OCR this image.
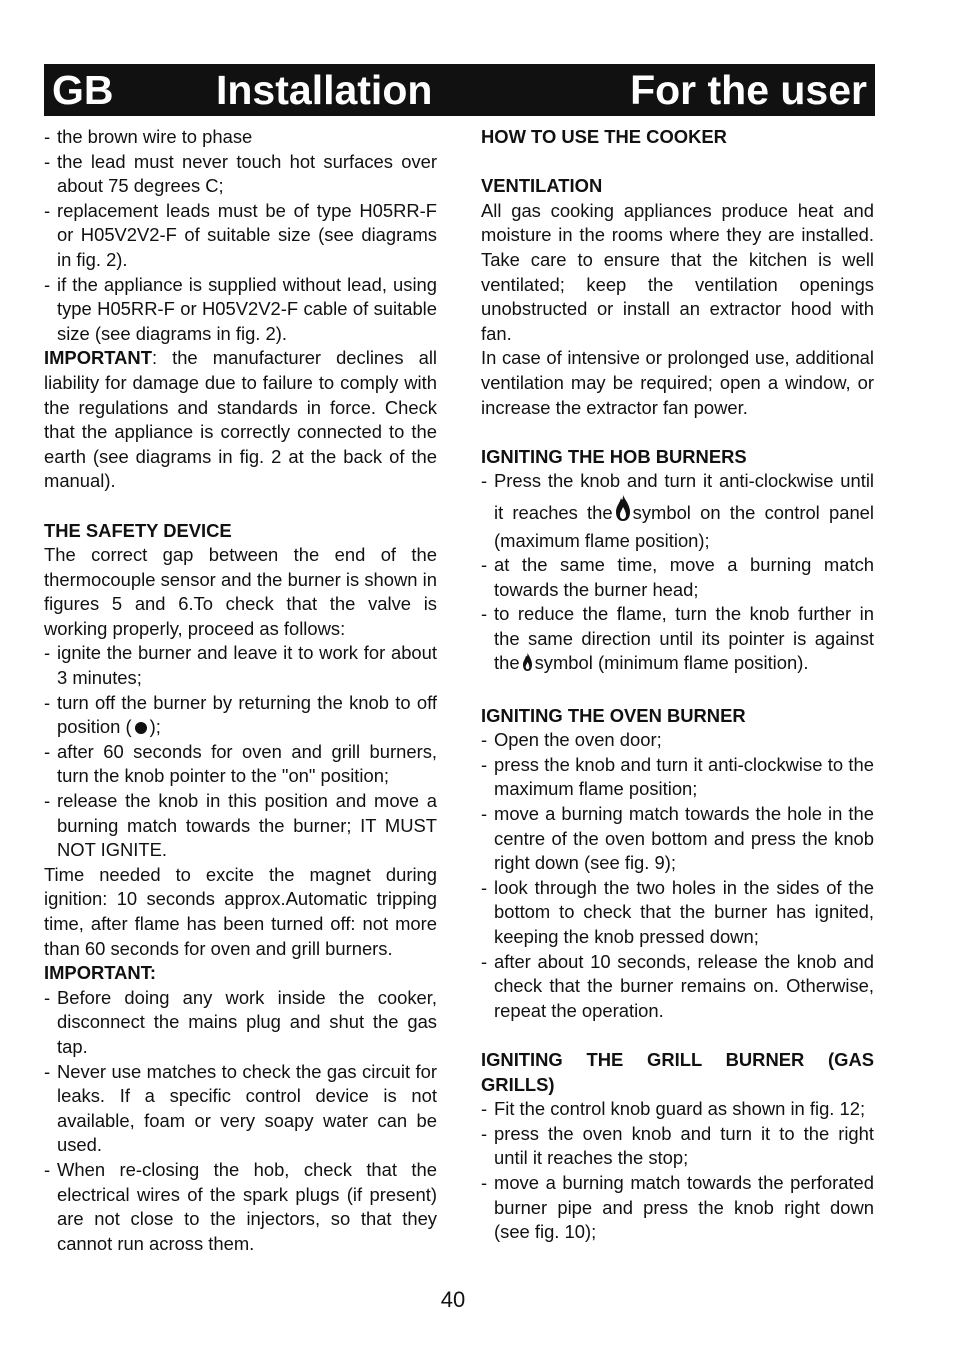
GB	Installation	For the user
- the brown wire to phase
- the lead must never touch hot surfaces over about 75 degrees C;
- replacement leads must be of type H05RR-F or H05V2V2-F of suitable size (see diagrams in fig. 2).
- if the appliance is supplied without lead, using type H05RR-F or H05V2V2-F cable of suitable size (see diagrams in fig. 2).

IMPORTANT: the manufacturer declines all liability for damage due to failure to comply with the regulations and standards in force. Check that the appliance is correctly connected to the earth (see diagrams in fig. 2 at the back of the manual).

THE SAFETY DEVICE

The correct gap between the end of the thermocouple sensor and the burner is shown in figures 5 and 6.To check that the valve is working properly, proceed as follows:

- ignite the burner and leave it to work for about 3 minutes;
- turn off the burner by returning the knob to off position ( );
- after 60 seconds for oven and grill burners, turn the knob pointer to the "on" position;
- release the knob in this position and move a burning match towards the burner; IT MUST NOT IGNITE.

Time needed to excite the magnet during ignition: 10 seconds approx.Automatic tripping time, after flame has been turned off: not more than 60 seconds for oven and grill burners.

IMPORTANT:
- Before doing any work inside the cooker, disconnect the mains plug and shut the gas tap.
- Never use matches to check the gas circuit for leaks. If a specific control device is not available, foam or very soapy water can be used.
- When re-closing the hob, check that the electrical wires of the spark plugs (if present) are not close to the injectors, so that they cannot run across them.
HOW TO USE THE COOKER
VENTILATION

All gas cooking appliances produce heat and moisture in the rooms where they are installed. Take care to ensure that the kitchen is well ventilated; keep the ventilation openings unobstructed or install an extractor hood with fan.

In case of intensive or prolonged use, additional ventilation may be required; open a window, or increase the extractor fan power.

IGNITING THE HOB BURNERS
- Press the knob and turn it anti-clockwise until it reaches the symbol on the control panel (maximum flame position);
- at the same time, move a burning match towards the burner head;
- to reduce the flame, turn the knob further in the same direction until its pointer is against the symbol (minimum flame position).
IGNITING THE OVEN BURNER
- Open the oven door;
- press the knob and turn it anti-clockwise to the maximum flame position;
- move a burning match towards the hole in the centre of the oven bottom and press the knob right down (see fig. 9);
- look through the two holes in the sides of the bottom to check that the burner has ignited, keeping the knob pressed down;
- after about 10 seconds, release the knob and check that the burner remains on. Otherwise, repeat the operation.
IGNITING THE GRILL BURNER (GAS GRILLS)
- Fit the control knob guard as shown in fig. 12;
- press the oven knob and turn it to the right until it reaches the stop;
- move a burning match towards the perforated burner pipe and press the knob right down (see fig. 10);
40
